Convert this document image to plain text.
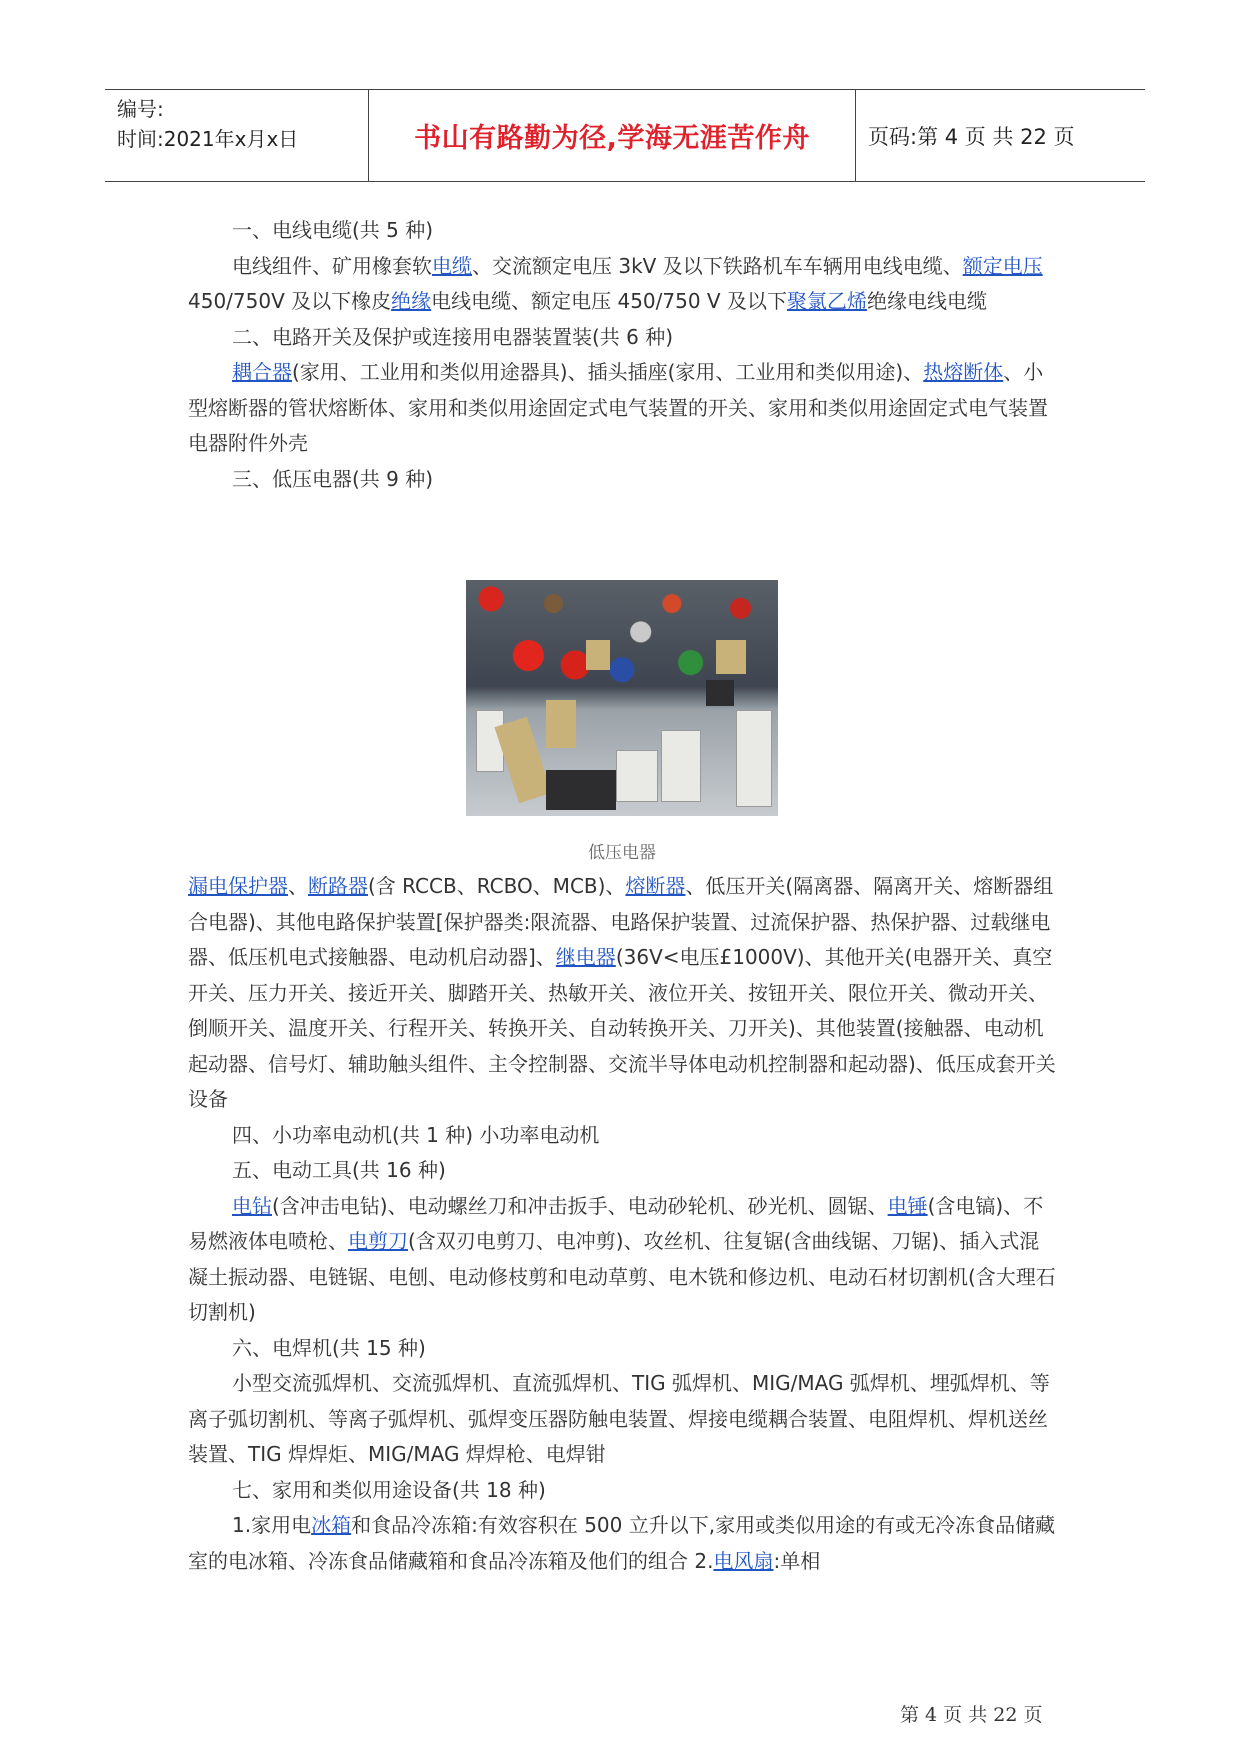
编号:
时间:2021年x月x日	书山有路勤为径,学海无涯苦作舟	页码:第 4 页 共 22 页

一、电线电缆(共 5 种)

电线组件、矿用橡套软电缆、交流额定电压 3kV 及以下铁路机车车辆用电线电缆、额定电压 450/750V 及以下橡皮绝缘电线电缆、额定电压 450/750 V 及以下聚氯乙烯绝缘电线电缆

二、电路开关及保护或连接用电器装置装(共 6 种)

耦合器(家用、工业用和类似用途器具)、插头插座(家用、工业用和类似用途)、热熔断体、小型熔断器的管状熔断体、家用和类似用途固定式电气装置的开关、家用和类似用途固定式电气装置电器附件外壳

三、低压电器(共 9 种)

低压电器

漏电保护器、断路器(含 RCCB、RCBO、MCB)、熔断器、低压开关(隔离器、隔离开关、熔断器组合电器)、其他电路保护装置[保护器类:限流器、电路保护装置、过流保护器、热保护器、过载继电器、低压机电式接触器、电动机启动器]、继电器(36V<电压£1000V)、其他开关(电器开关、真空开关、压力开关、接近开关、脚踏开关、热敏开关、液位开关、按钮开关、限位开关、微动开关、倒顺开关、温度开关、行程开关、转换开关、自动转换开关、刀开关)、其他装置(接触器、电动机起动器、信号灯、辅助触头组件、主令控制器、交流半导体电动机控制器和起动器)、低压成套开关设备

四、小功率电动机(共 1 种) 小功率电动机

五、电动工具(共 16 种)

电钻(含冲击电钻)、电动螺丝刀和冲击扳手、电动砂轮机、砂光机、圆锯、电锤(含电镐)、不易燃液体电喷枪、电剪刀(含双刃电剪刀、电冲剪)、攻丝机、往复锯(含曲线锯、刀锯)、插入式混凝土振动器、电链锯、电刨、电动修枝剪和电动草剪、电木铣和修边机、电动石材切割机(含大理石切割机)

六、电焊机(共 15 种)

小型交流弧焊机、交流弧焊机、直流弧焊机、TIG 弧焊机、MIG/MAG 弧焊机、埋弧焊机、等离子弧切割机、等离子弧焊机、弧焊变压器防触电装置、焊接电缆耦合装置、电阻焊机、焊机送丝装置、TIG 焊焊炬、MIG/MAG 焊焊枪、电焊钳

七、家用和类似用途设备(共 18 种)

1.家用电冰箱和食品冷冻箱:有效容积在 500 立升以下,家用或类似用途的有或无冷冻食品储藏室的电冰箱、冷冻食品储藏箱和食品冷冻箱及他们的组合 2.电风扇:单相

第 4 页 共 22 页
